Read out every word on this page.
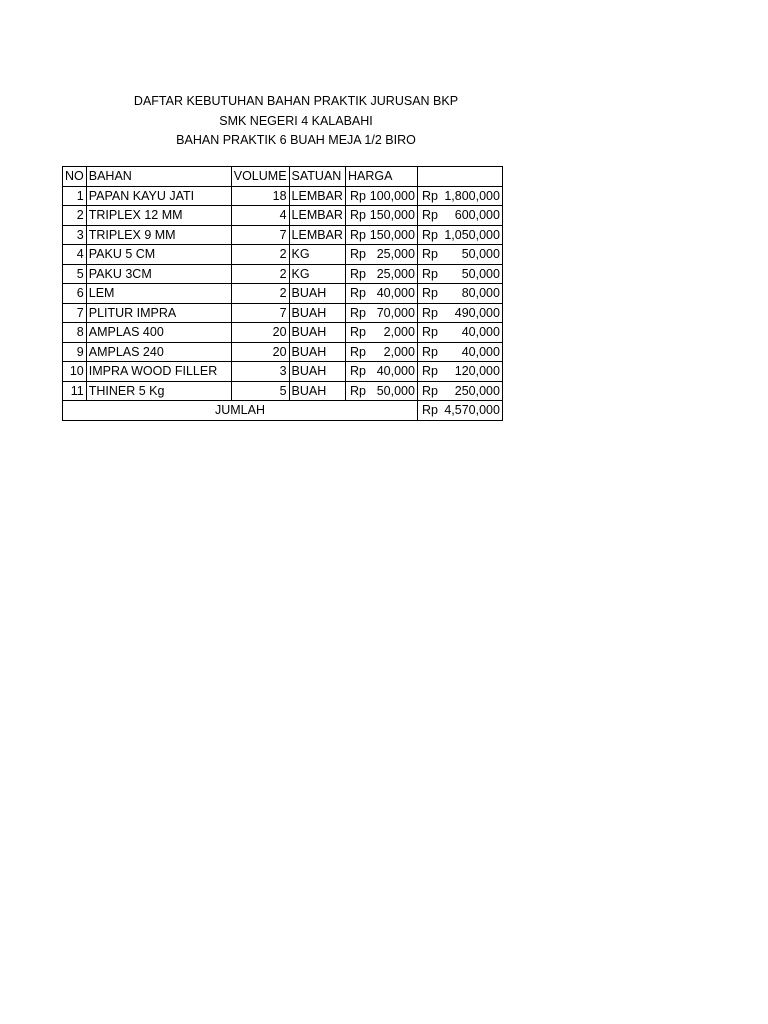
DAFTAR KEBUTUHAN BAHAN PRAKTIK JURUSAN BKP
SMK NEGERI 4 KALABAHI
BAHAN PRAKTIK 6 BUAH MEJA 1/2 BIRO
NO	BAHAN	VOLUME	SATUAN	HARGA	
1	PAPAN KAYU JATI	18	LEMBAR	Rp 100,000	Rp 1,800,000

2	TRIPLEX 12 MM	4	LEMBAR	Rp 150,000	Rp 600,000

3	TRIPLEX 9 MM	7	LEMBAR	Rp 150,000	Rp 1,050,000

4	PAKU 5 CM	2	KG	Rp 25,000	Rp 50,000

5	PAKU 3CM	2	KG	Rp 25,000	Rp 50,000

6	LEM	2	BUAH	Rp 40,000	Rp 80,000

7	PLITUR IMPRA	7	BUAH	Rp 70,000	Rp 490,000

8	AMPLAS 400	20	BUAH	Rp 2,000	Rp 40,000

9	AMPLAS 240	20	BUAH	Rp 2,000	Rp 40,000

10	IMPRA WOOD FILLER	3	BUAH	Rp 40,000	Rp 120,000

11	THINER 5 Kg	5	BUAH	Rp 50,000	Rp 250,000

JUMLAH					Rp 4,570,000
